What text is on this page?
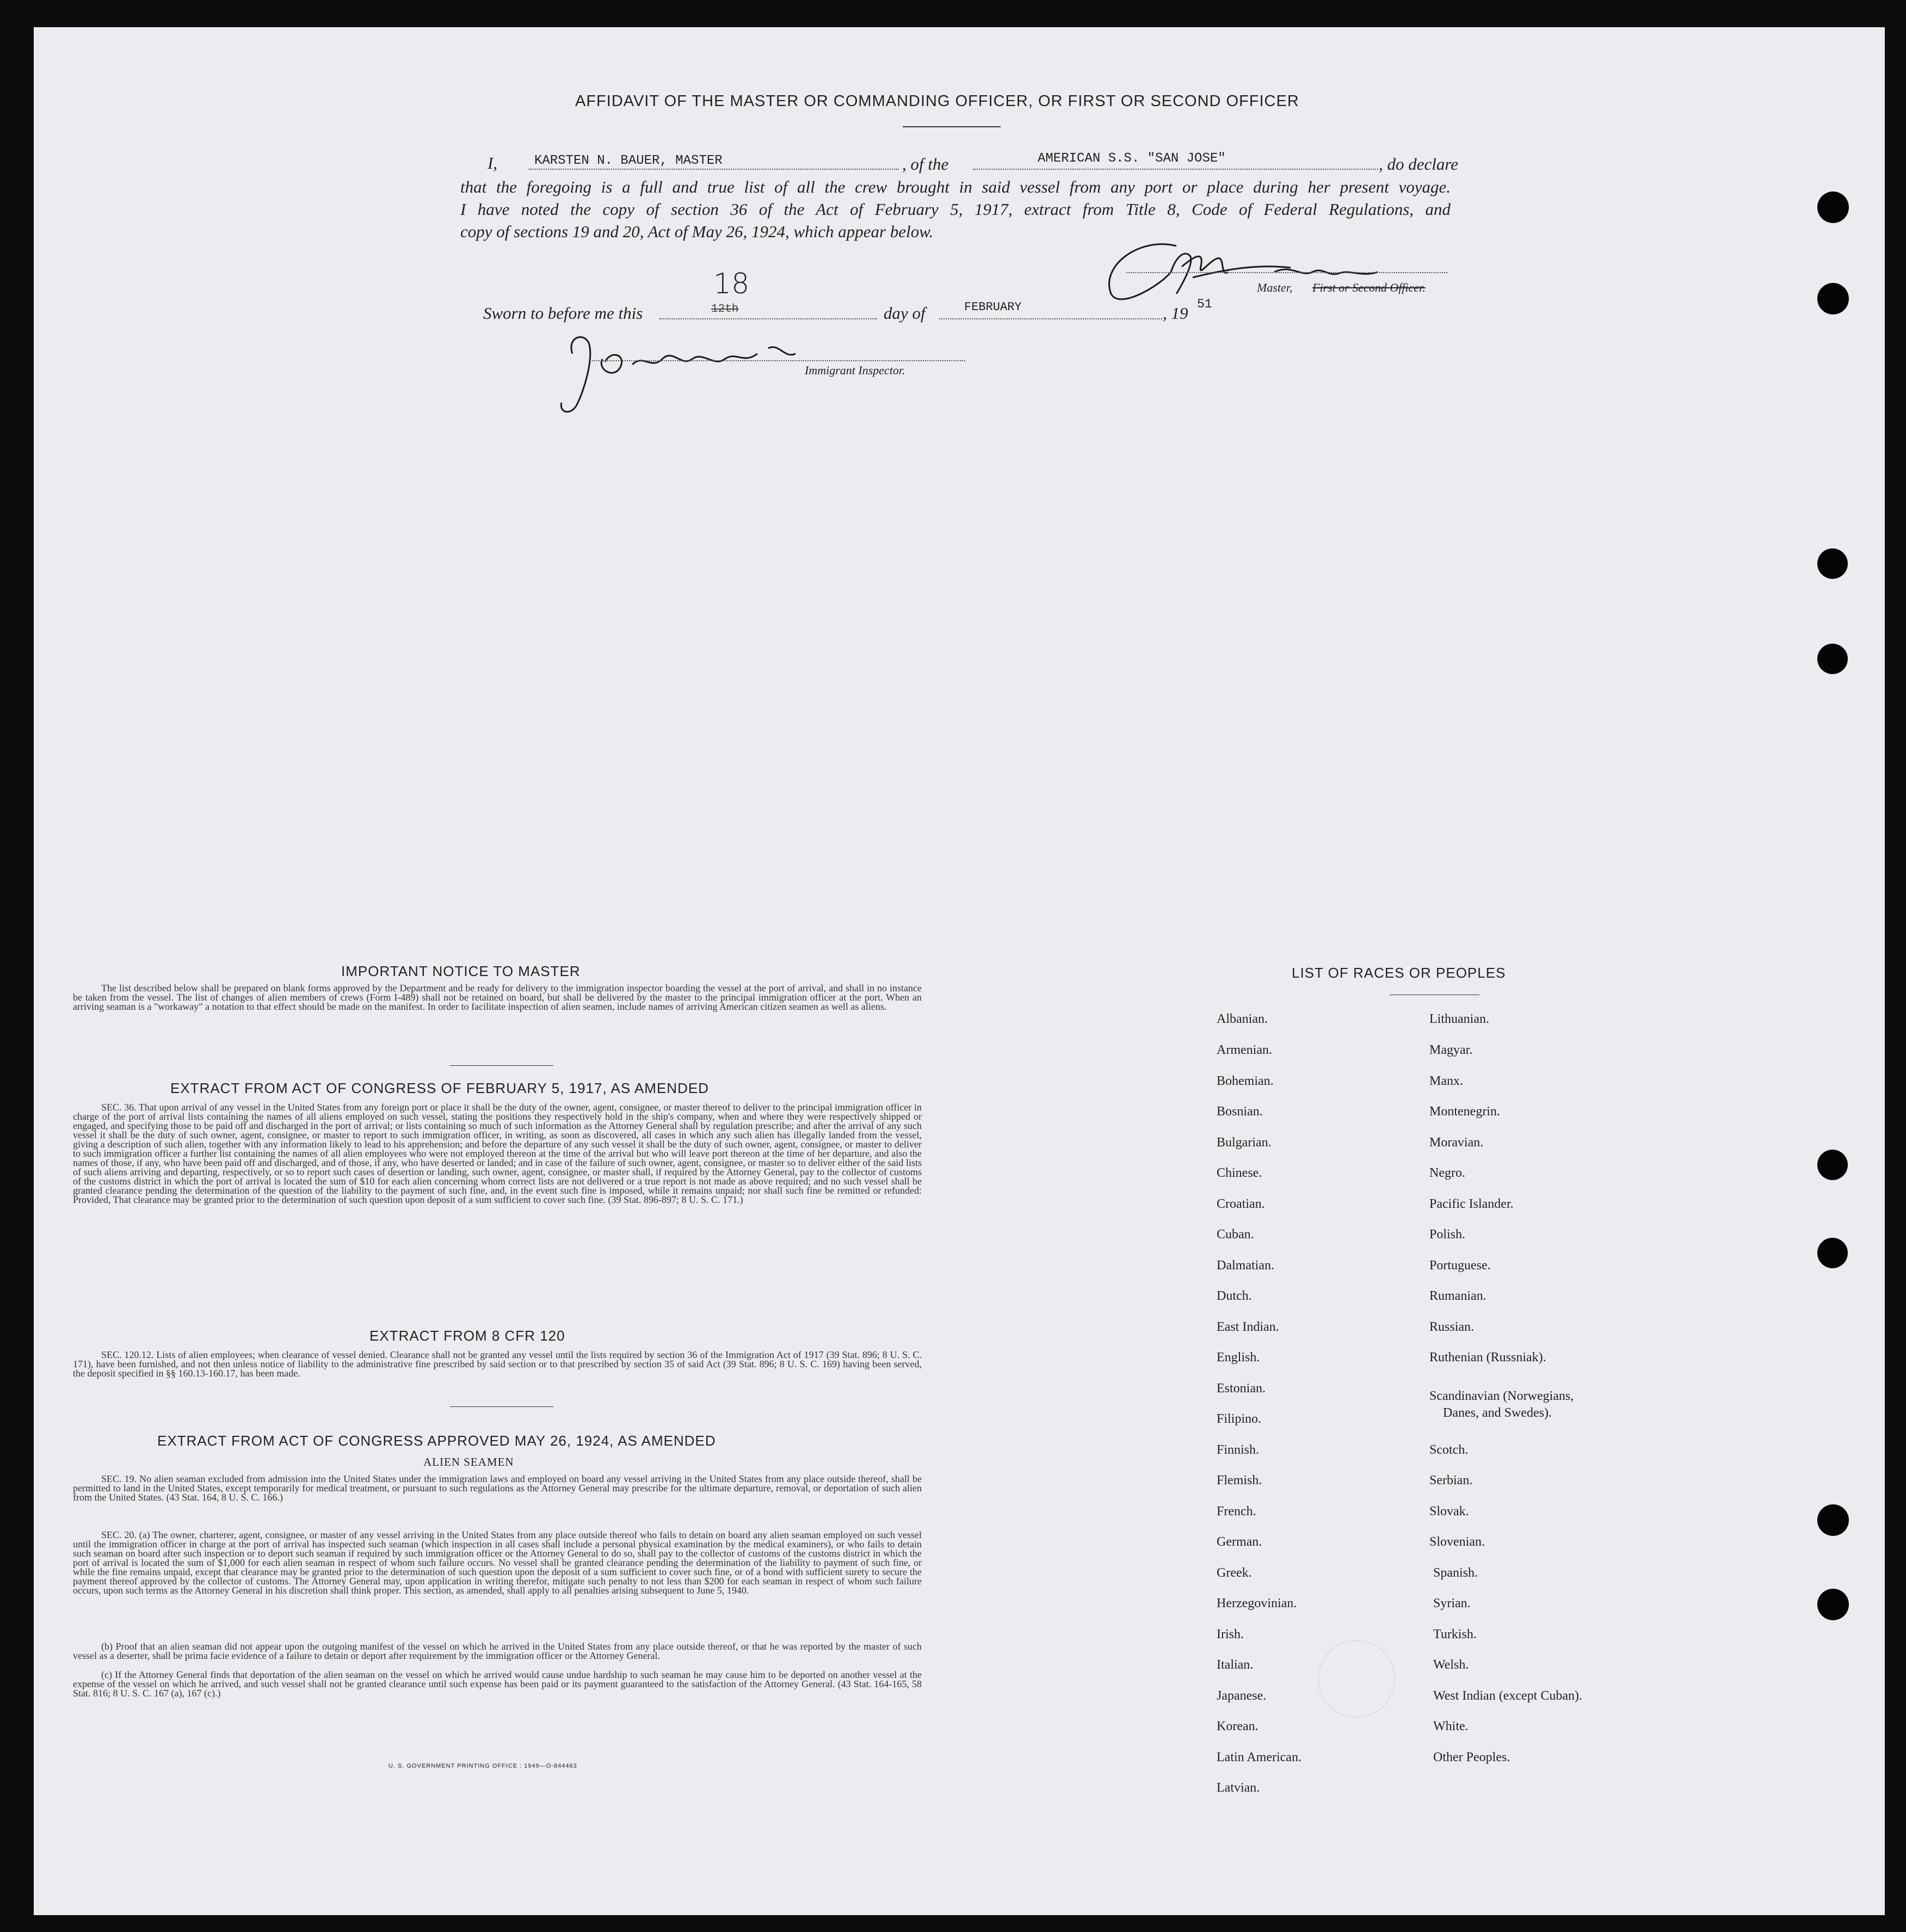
AFFIDAVIT OF THE MASTER OR COMMANDING OFFICER, OR FIRST OR SECOND OFFICER
I,	KARSTEN N. BAUER, MASTER	, of the	AMERICAN S.S. "SAN JOSE"	, do declare
that the foregoing is a full and true list of all the crew brought in said vessel from any port or place during her present voyage.
I have noted the copy of section 36 of the Act of February 5, 1917, extract from Title 8, Code of Federal Regulations, and
copy of sections 19 and 20, Act of May 26, 1924, which appear below.
Master, First or Second Officer.
Sworn to before me this
18
12th	day of	FEBRUARY	, 19 51
Immigrant Inspector.
IMPORTANT NOTICE TO MASTER

The list described below shall be prepared on blank forms approved by the Department and be ready for delivery to the immigration inspector boarding the vessel at the port of arrival, and shall in no instance be taken from the vessel. The list of changes of alien members of crews (Form I-489) shall not be retained on board, but shall be delivered by the master to the principal immigration officer at the port. When an arriving seaman is a "workaway" a notation to that effect should be made on the manifest. In order to facilitate inspection of alien seamen, include names of arriving American citizen seamen as well as aliens.

EXTRACT FROM ACT OF CONGRESS OF FEBRUARY 5, 1917, AS AMENDED

SEC. 36. That upon arrival of any vessel in the United States from any foreign port or place it shall be the duty of the owner, agent, consignee, or master thereof to deliver to the principal immigration officer in charge of the port of arrival lists containing the names of all aliens employed on such vessel, stating the positions they respectively hold in the ship's company, when and where they were respectively shipped or engaged, and specifying those to be paid off and discharged in the port of arrival; or lists containing so much of such information as the Attorney General shall by regulation prescribe; and after the arrival of any such vessel it shall be the duty of such owner, agent, consignee, or master to report to such immigration officer, in writing, as soon as discovered, all cases in which any such alien has illegally landed from the vessel, giving a description of such alien, together with any information likely to lead to his apprehension; and before the departure of any such vessel it shall be the duty of such owner, agent, consignee, or master to deliver to such immigration officer a further list containing the names of all alien employees who were not employed thereon at the time of the arrival but who will leave port thereon at the time of her departure, and also the names of those, if any, who have been paid off and discharged, and of those, if any, who have deserted or landed; and in case of the failure of such owner, agent, consignee, or master so to deliver either of the said lists of such aliens arriving and departing, respectively, or so to report such cases of desertion or landing, such owner, agent, consignee, or master shall, if required by the Attorney General, pay to the collector of customs of the customs district in which the port of arrival is located the sum of $10 for each alien concerning whom correct lists are not delivered or a true report is not made as above required; and no such vessel shall be granted clearance pending the determination of the question of the liability to the payment of such fine, and, in the event such fine is imposed, while it remains unpaid; nor shall such fine be remitted or refunded: Provided, That clearance may be granted prior to the determination of such question upon deposit of a sum sufficient to cover such fine. (39 Stat. 896-897; 8 U. S. C. 171.)

EXTRACT FROM 8 CFR 120

SEC. 120.12. Lists of alien employees; when clearance of vessel denied. Clearance shall not be granted any vessel until the lists required by section 36 of the Immigration Act of 1917 (39 Stat. 896; 8 U. S. C. 171), have been furnished, and not then unless notice of liability to the administrative fine prescribed by said section or to that prescribed by section 35 of said Act (39 Stat. 896; 8 U. S. C. 169) having been served, the deposit specified in §§ 160.13-160.17, has been made.

EXTRACT FROM ACT OF CONGRESS APPROVED MAY 26, 1924, AS AMENDED
ALIEN SEAMEN

SEC. 19. No alien seaman excluded from admission into the United States under the immigration laws and employed on board any vessel arriving in the United States from any place outside thereof, shall be permitted to land in the United States, except temporarily for medical treatment, or pursuant to such regulations as the Attorney General may prescribe for the ultimate departure, removal, or deportation of such alien from the United States. (43 Stat. 164, 8 U. S. C. 166.)

SEC. 20. (a) The owner, charterer, agent, consignee, or master of any vessel arriving in the United States from any place outside thereof who fails to detain on board any alien seaman employed on such vessel until the immigration officer in charge at the port of arrival has inspected such seaman (which inspection in all cases shall include a personal physical examination by the medical examiners), or who fails to detain such seaman on board after such inspection or to deport such seaman if required by such immigration officer or the Attorney General to do so, shall pay to the collector of customs of the customs district in which the port of arrival is located the sum of $1,000 for each alien seaman in respect of whom such failure occurs. No vessel shall be granted clearance pending the determination of the liability to payment of such fine, or while the fine remains unpaid, except that clearance may be granted prior to the determination of such question upon the deposit of a sum sufficient to cover such fine, or of a bond with sufficient surety to secure the payment thereof approved by the collector of customs. The Attorney General may, upon application in writing therefor, mitigate such penalty to not less than $200 for each seaman in respect of whom such failure occurs, upon such terms as the Attorney General in his discretion shall think proper. This section, as amended, shall apply to all penalties arising subsequent to June 5, 1940.

(b) Proof that an alien seaman did not appear upon the outgoing manifest of the vessel on which he arrived in the United States from any place outside thereof, or that he was reported by the master of such vessel as a deserter, shall be prima facie evidence of a failure to detain or deport after requirement by the immigration officer or the Attorney General.

(c) If the Attorney General finds that deportation of the alien seaman on the vessel on which he arrived would cause undue hardship to such seaman he may cause him to be deported on another vessel at the expense of the vessel on which he arrived, and such vessel shall not be granted clearance until such expense has been paid or its payment guaranteed to the satisfaction of the Attorney General. (43 Stat. 164-165, 58 Stat. 816; 8 U. S. C. 167 (a), 167 (c).)

U. S. GOVERNMENT PRINTING OFFICE : 1949—O-844463
LIST OF RACES OR PEOPLES
Albanian.
Armenian.
Bohemian.
Bosnian.
Bulgarian.
Chinese.
Croatian.
Cuban.
Dalmatian.
Dutch.
East Indian.
English.
Estonian.
Filipino.
Finnish.
Flemish.
French.
German.
Greek.
Herzegovinian.
Irish.
Italian.
Japanese.
Korean.
Latin American.
Latvian.
Lithuanian.
Magyar.
Manx.
Montenegrin.
Moravian.
Negro.
Pacific Islander.
Polish.
Portuguese.
Rumanian.
Russian.
Ruthenian (Russniak).
Scandinavian (Norwegians,
Danes, and Swedes).
Scotch.
Serbian.
Slovak.
Slovenian.
Spanish.
Syrian.
Turkish.
Welsh.
West Indian (except Cuban).
White.
Other Peoples.
